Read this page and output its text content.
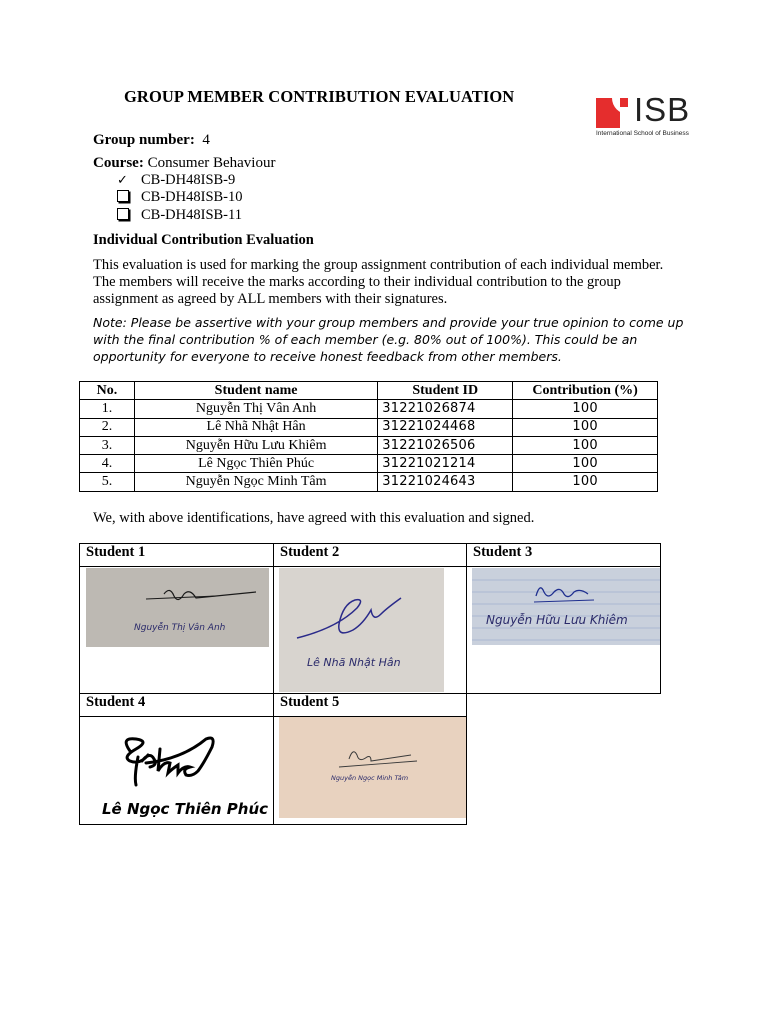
GROUP MEMBER CONTRIBUTION EVALUATION	ISB
International School of Business
Group number: 4
Course: Consumer Behaviour
✓ CB-DH48ISB-9
CB-DH48ISB-10
CB-DH48ISB-11
Individual Contribution Evaluation
This evaluation is used for marking the group assignment contribution of each individual member. The members will receive the marks according to their individual contribution to the group assignment as agreed by ALL members with their signatures.
Note: Please be assertive with your group members and provide your true opinion to come up with the final contribution % of each member (e.g. 80% out of 100%). This could be an opportunity for everyone to receive honest feedback from other members.
No.	Student name	Student ID	Contribution (%)
1.	Nguyễn Thị Vân Anh	31221026874	100
2.	Lê Nhã Nhật Hân	31221024468	100
3.	Nguyễn Hữu Lưu Khiêm	31221026506	100
4.	Lê Ngọc Thiên Phúc	31221021214	100
5.	Nguyễn Ngọc Minh Tâm	31221024643	100
We, with above identifications, have agreed with this evaluation and signed.
Student 1	Student 2	Student 3

Student 4	Student 5	

Nguyễn Thị Vân Anh
Lê Nhã Nhật Hân
Nguyễn Hữu Lưu Khiêm
Lê Ngọc Thiên Phúc
Nguyễn Ngọc Minh Tâm
